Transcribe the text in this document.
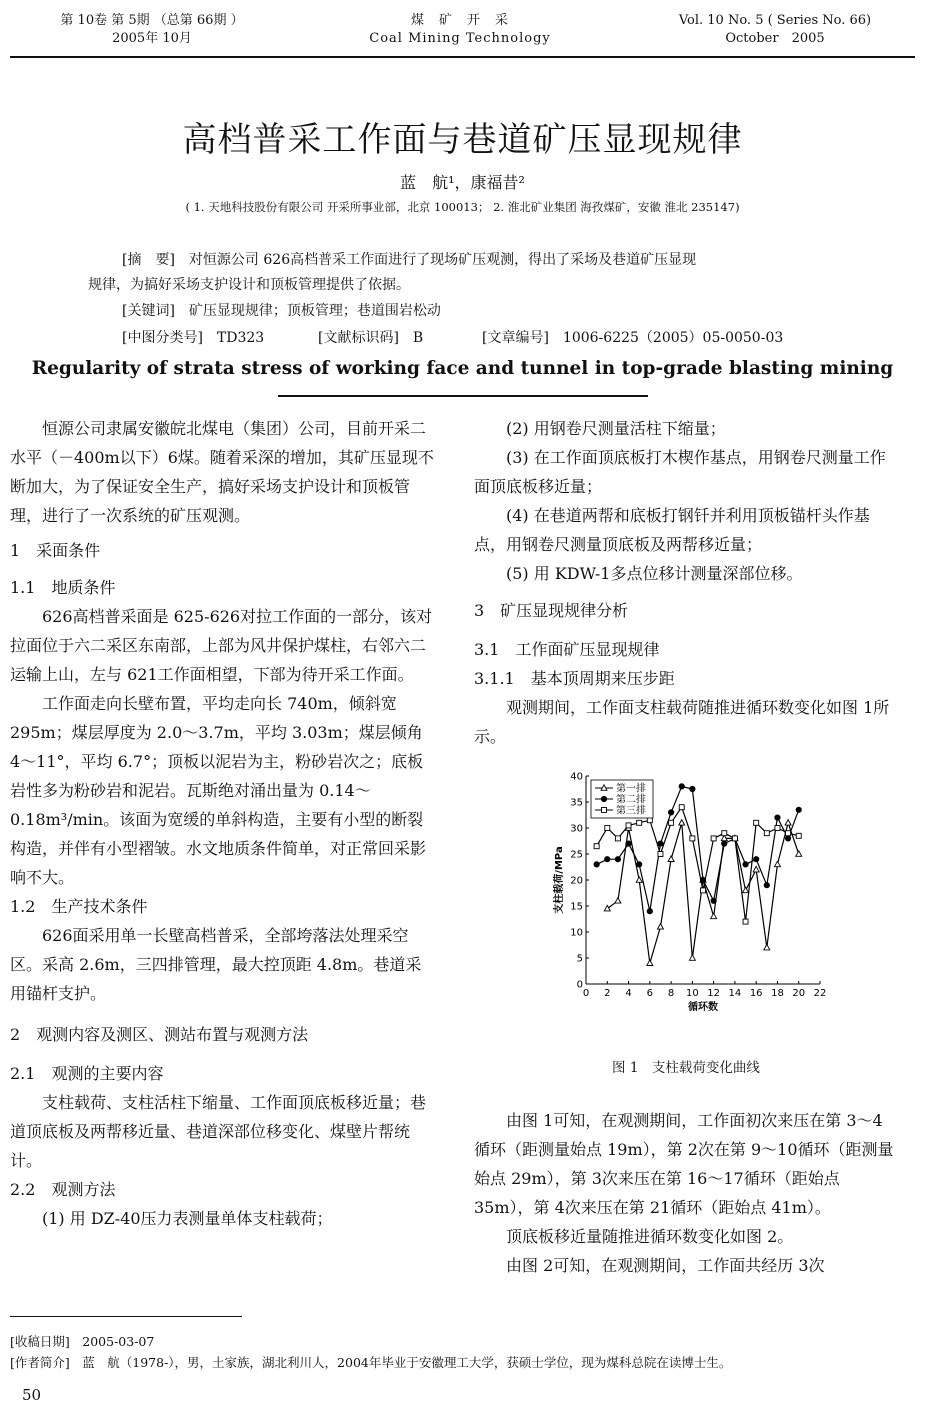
第 10卷 第 5期 （总第 66期 ）
2005年 10月
煤　矿　开　采
Coal Mining Technology
Vol. 10 No. 5 ( Series No. 66)
October　2005
高档普采工作面与巷道矿压显现规律
蓝　航¹，康福昔²
( 1. 天地科技股份有限公司 开采所事业部，北京 100013； 2. 淮北矿业集团 海孜煤矿，安徽 淮北 235147)
[摘　要]　对恒源公司 626高档普采工作面进行了现场矿压观测，得出了采场及巷道矿压显现
规律，为搞好采场支护设计和顶板管理提供了依据。
[关键词]　矿压显现规律；顶板管理；巷道围岩松动
[中图分类号]　TD323	[文献标识码]　B	[文章编号]　1006-6225（2005）05-0050-03
Regularity of strata stress of working face and tunnel in top-grade blasting mining

恒源公司隶属安徽皖北煤电（集团）公司，目前开采二水平（－400m以下）6煤。随着采深的增加，其矿压显现不断加大，为了保证安全生产，搞好采场支护设计和顶板管理，进行了一次系统的矿压观测。

1　采面条件

1.1　地质条件

626高档普采面是 625-626对拉工作面的一部分，该对拉面位于六二采区东南部，上部为风井保护煤柱，右邻六二运输上山，左与 621工作面相望，下部为待开采工作面。

工作面走向长壁布置，平均走向长 740m，倾斜宽 295m；煤层厚度为 2.0～3.7m，平均 3.03m；煤层倾角 4～11°，平均 6.7°；顶板以泥岩为主，粉砂岩次之；底板岩性多为粉砂岩和泥岩。瓦斯绝对涌出量为 0.14～0.18m³/min。该面为宽缓的单斜构造，主要有小型的断裂构造，并伴有小型褶皱。水文地质条件简单，对正常回采影响不大。

1.2　生产技术条件

626面采用单一长壁高档普采，全部垮落法处理采空区。采高 2.6m，三四排管理，最大控顶距 4.8m。巷道采用锚杆支护。

2　观测内容及测区、测站布置与观测方法

2.1　观测的主要内容

支柱载荷、支柱活柱下缩量、工作面顶底板移近量；巷道顶底板及两帮移近量、巷道深部位移变化、煤壁片帮统计。

2.2　观测方法

(1) 用 DZ-40压力表测量单体支柱载荷；

(2) 用钢卷尺测量活柱下缩量；

(3) 在工作面顶底板打木楔作基点，用钢卷尺测量工作面顶底板移近量；

(4) 在巷道两帮和底板打钢钎并利用顶板锚杆头作基点，用钢卷尺测量顶底板及两帮移近量；

(5) 用 KDW-1多点位移计测量深部位移。

3　矿压显现规律分析

3.1　工作面矿压显现规律

3.1.1　基本顶周期来压步距

观测期间，工作面支柱载荷随推进循环数变化如图 1所示。

0
5
10
15
20
25
30
35
40
0 2 4 6 8 10 12 14 16 18 20 22
循环数
支柱载荷/MPa
第一排
第二排
第三排
图 1　支柱载荷变化曲线

由图 1可知，在观测期间，工作面初次来压在第 3～4循环（距测量始点 19m），第 2次在第 9～10循环（距测量始点 29m），第 3次来压在第 16～17循环（距始点 35m），第 4次来压在第 21循环（距始点 41m）。

顶底板移近量随推进循环数变化如图 2。

由图 2可知，在观测期间，工作面共经历 3次

[收稿日期]　2005-03-07
[作者简介]　蓝　航（1978-），男，土家族，湖北利川人，2004年毕业于安徽理工大学，获硕士学位，现为煤科总院在读博士生。
50
